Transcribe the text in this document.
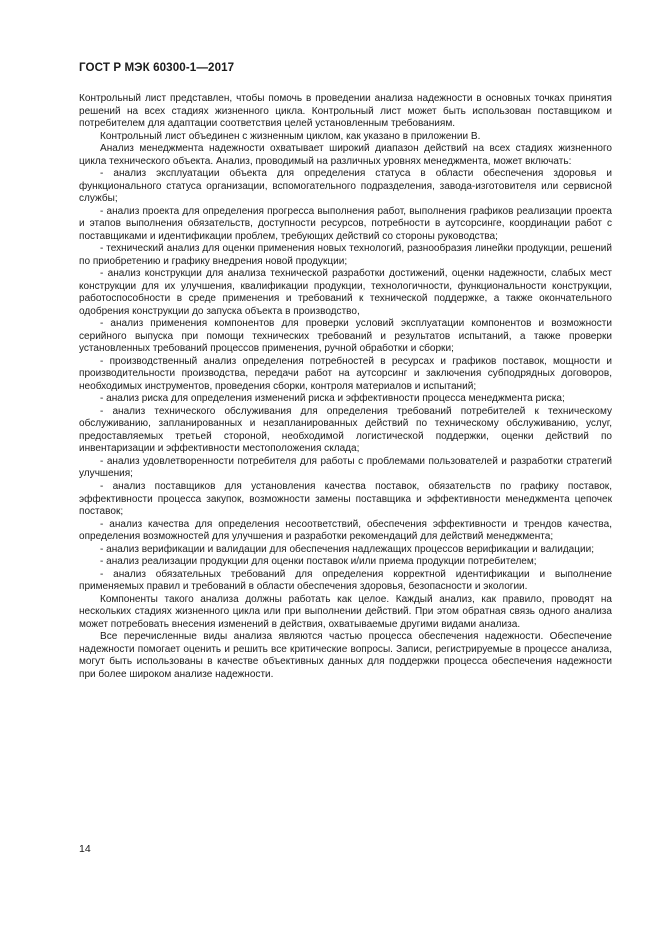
ГОСТ Р МЭК 60300-1—2017

Контрольный лист представлен, чтобы помочь в проведении анализа надежности в основных точках принятия решений на всех стадиях жизненного цикла. Контрольный лист может быть использован поставщиком и потребителем для адаптации соответствия целей установленным требованиям.

Контрольный лист объединен с жизненным циклом, как указано в приложении В.

Анализ менеджмента надежности охватывает широкий диапазон действий на всех стадиях жизненного цикла технического объекта. Анализ, проводимый на различных уровнях менеджмента, может включать:

- анализ эксплуатации объекта для определения статуса в области обеспечения здоровья и функционального статуса организации, вспомогательного подразделения, завода-изготовителя или сервисной службы;

- анализ проекта для определения прогресса выполнения работ, выполнения графиков реализации проекта и этапов выполнения обязательств, доступности ресурсов, потребности в аутсорсинге, координации работ с поставщиками и идентификации проблем, требующих действий со стороны руководства;

- технический анализ для оценки применения новых технологий, разнообразия линейки продукции, решений по приобретению и графику внедрения новой продукции;

- анализ конструкции для анализа технической разработки достижений, оценки надежности, слабых мест конструкции для их улучшения, квалификации продукции, технологичности, функциональности конструкции, работоспособности в среде применения и требований к технической поддержке, а также окончательного одобрения конструкции до запуска объекта в производство,

- анализ применения компонентов для проверки условий эксплуатации компонентов и возможности серийного выпуска при помощи технических требований и результатов испытаний, а также проверки установленных требований процессов применения, ручной обработки и сборки;

- производственный анализ определения потребностей в ресурсах и графиков поставок, мощности и производительности производства, передачи работ на аутсорсинг и заключения субподрядных договоров, необходимых инструментов, проведения сборки, контроля материалов и испытаний;

- анализ риска для определения изменений риска и эффективности процесса менеджмента риска;

- анализ технического обслуживания для определения требований потребителей к техническому обслуживанию, запланированных и незапланированных действий по техническому обслуживанию, услуг, предоставляемых третьей стороной, необходимой логистической поддержки, оценки действий по инвентаризации и эффективности местоположения склада;

- анализ удовлетворенности потребителя для работы с проблемами пользователей и разработки стратегий улучшения;

- анализ поставщиков для установления качества поставок, обязательств по графику поставок, эффективности процесса закупок, возможности замены поставщика и эффективности менеджмента цепочек поставок;

- анализ качества для определения несоответствий, обеспечения эффективности и трендов качества, определения возможностей для улучшения и разработки рекомендаций для действий менеджмента;

- анализ верификации и валидации для обеспечения надлежащих процессов верификации и валидации;

- анализ реализации продукции для оценки поставок и/или приема продукции потребителем;

- анализ обязательных требований для определения корректной идентификации и выполнение применяемых правил и требований в области обеспечения здоровья, безопасности и экологии.

Компоненты такого анализа должны работать как целое. Каждый анализ, как правило, проводят на нескольких стадиях жизненного цикла или при выполнении действий. При этом обратная связь одного анализа может потребовать внесения изменений в действия, охватываемые другими видами анализа.

Все перечисленные виды анализа являются частью процесса обеспечения надежности. Обеспечение надежности помогает оценить и решить все критические вопросы. Записи, регистрируемые в процессе анализа, могут быть использованы в качестве объективных данных для поддержки процесса обеспечения надежности при более широком анализе надежности.

14
